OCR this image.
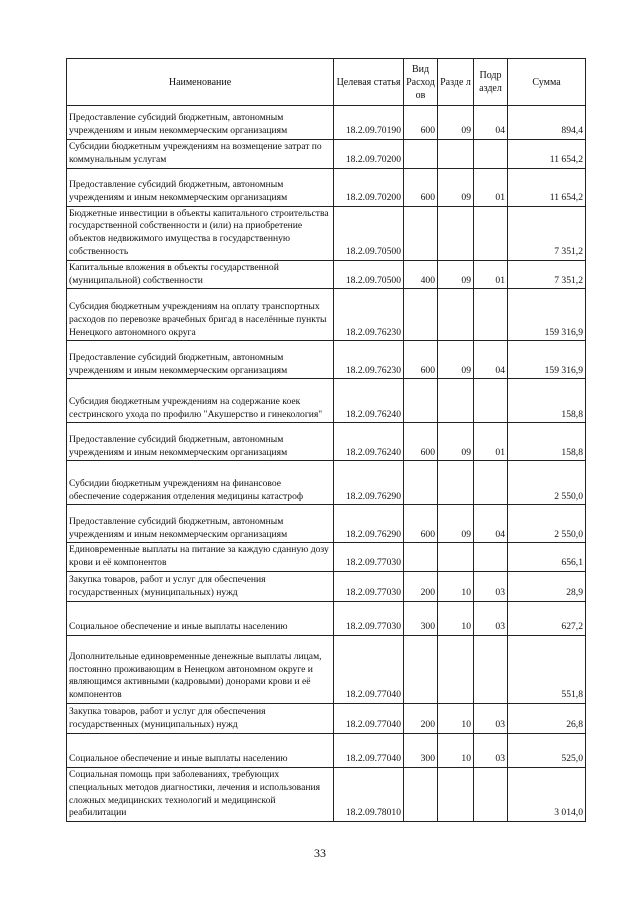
Наименование	Целевая статья	Вид Расход ов	Разде л	Подр аздел	Сумма
Предоставление субсидий бюджетным, автономным учреждениям и иным некоммерческим организациям	18.2.09.70190	600	09	04	894,4
Субсидии бюджетным учреждениям на возмещение затрат по коммунальным услугам	18.2.09.70200				11 654,2
Предоставление субсидий бюджетным, автономным учреждениям и иным некоммерческим организациям	18.2.09.70200	600	09	01	11 654,2
Бюджетные инвестиции в объекты капитального строительства государственной собственности и (или) на приобретение объектов недвижимого имущества в государственную собственность	18.2.09.70500				7 351,2
Капитальные вложения в объекты государственной (муниципальной) собственности	18.2.09.70500	400	09	01	7 351,2
Субсидия бюджетным учреждениям на оплату транспортных расходов по перевозке врачебных бригад в населённые пункты Ненецкого автономного округа	18.2.09.76230				159 316,9
Предоставление субсидий бюджетным, автономным учреждениям и иным некоммерческим организациям	18.2.09.76230	600	09	04	159 316,9
Субсидия бюджетным учреждениям на содержание коек сестринского ухода по профилю "Акушерство и гинекология"	18.2.09.76240				158,8
Предоставление субсидий бюджетным, автономным учреждениям и иным некоммерческим организациям	18.2.09.76240	600	09	01	158,8
Субсидии бюджетным учреждениям на финансовое обеспечение содержания отделения медицины катастроф	18.2.09.76290				2 550,0
Предоставление субсидий бюджетным, автономным учреждениям и иным некоммерческим организациям	18.2.09.76290	600	09	04	2 550,0
Единовременные выплаты на питание за каждую сданную дозу крови и её компонентов	18.2.09.77030				656,1
Закупка товаров, работ и услуг для обеспечения государственных (муниципальных) нужд	18.2.09.77030	200	10	03	28,9
Социальное обеспечение и иные выплаты населению	18.2.09.77030	300	10	03	627,2
Дополнительные единовременные денежные выплаты лицам, постоянно проживающим в Ненецком автономном округе и являющимся активными (кадровыми) донорами крови и её компонентов	18.2.09.77040				551,8
Закупка товаров, работ и услуг для обеспечения государственных (муниципальных) нужд	18.2.09.77040	200	10	03	26,8
Социальное обеспечение и иные выплаты населению	18.2.09.77040	300	10	03	525,0
Социальная помощь при заболеваниях, требующих специальных методов диагностики, лечения и использования сложных медицинских технологий и медицинской реабилитации	18.2.09.78010				3 014,0
33
